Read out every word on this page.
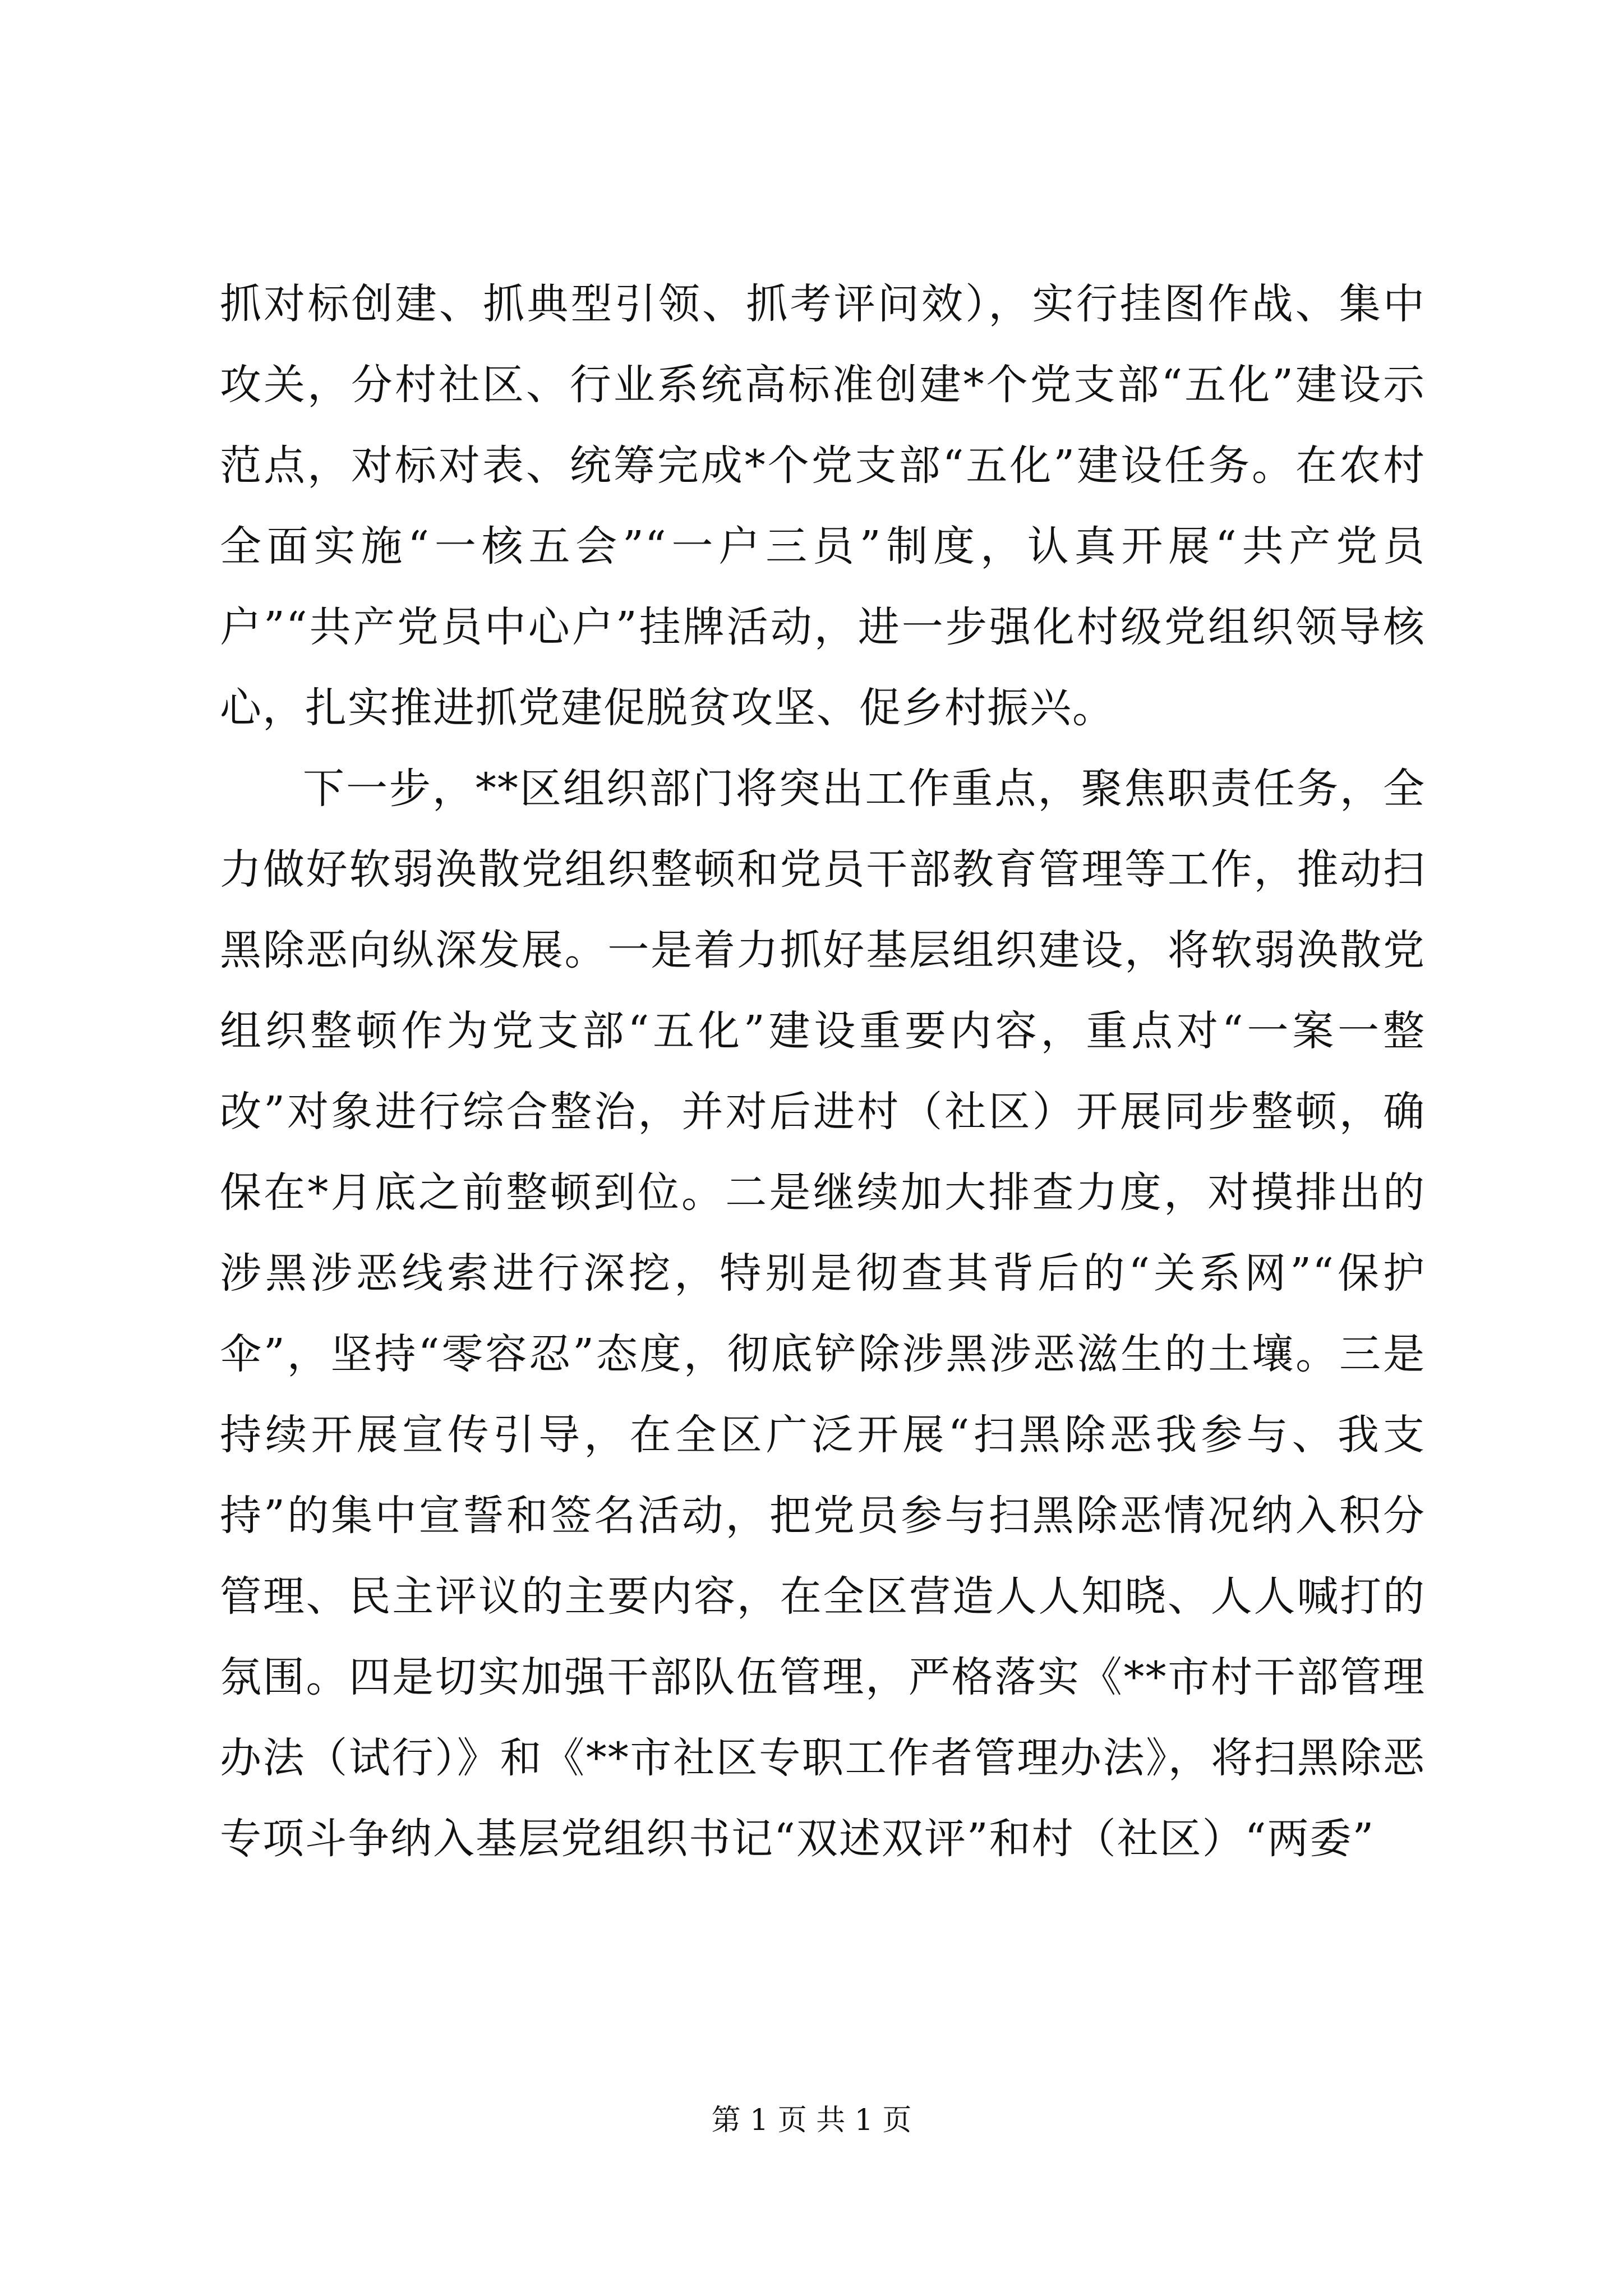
抓对标创建、抓典型引领、抓考评问效），实行挂图作战、集中攻关，分村社区、行业系统高标准创建*个党支部“五化”建设示范点，对标对表、统筹完成*个党支部“五化”建设任务。在农村全面实施“一核五会”“一户三员”制度，认真开展“共产党员户”“共产党员中心户”挂牌活动，进一步强化村级党组织领导核心，扎实推进抓党建促脱贫攻坚、促乡村振兴。

下一步，**区组织部门将突出工作重点，聚焦职责任务，全力做好软弱涣散党组织整顿和党员干部教育管理等工作，推动扫黑除恶向纵深发展。一是着力抓好基层组织建设，将软弱涣散党组织整顿作为党支部“五化”建设重要内容，重点对“一案一整改”对象进行综合整治，并对后进村（社区）开展同步整顿，确保在*月底之前整顿到位。二是继续加大排查力度，对摸排出的涉黑涉恶线索进行深挖，特别是彻查其背后的“关系网”“保护伞”，坚持“零容忍”态度，彻底铲除涉黑涉恶滋生的土壤。三是持续开展宣传引导，在全区广泛开展“扫黑除恶我参与、我支持”的集中宣誓和签名活动，把党员参与扫黑除恶情况纳入积分管理、民主评议的主要内容，在全区营造人人知晓、人人喊打的氛围。四是切实加强干部队伍管理，严格落实《**市村干部管理办法（试行）》和《**市社区专职工作者管理办法》，将扫黑除恶专项斗争纳入基层党组织书记“双述双评”和村（社区）“两委”

第 1 页 共 1 页
